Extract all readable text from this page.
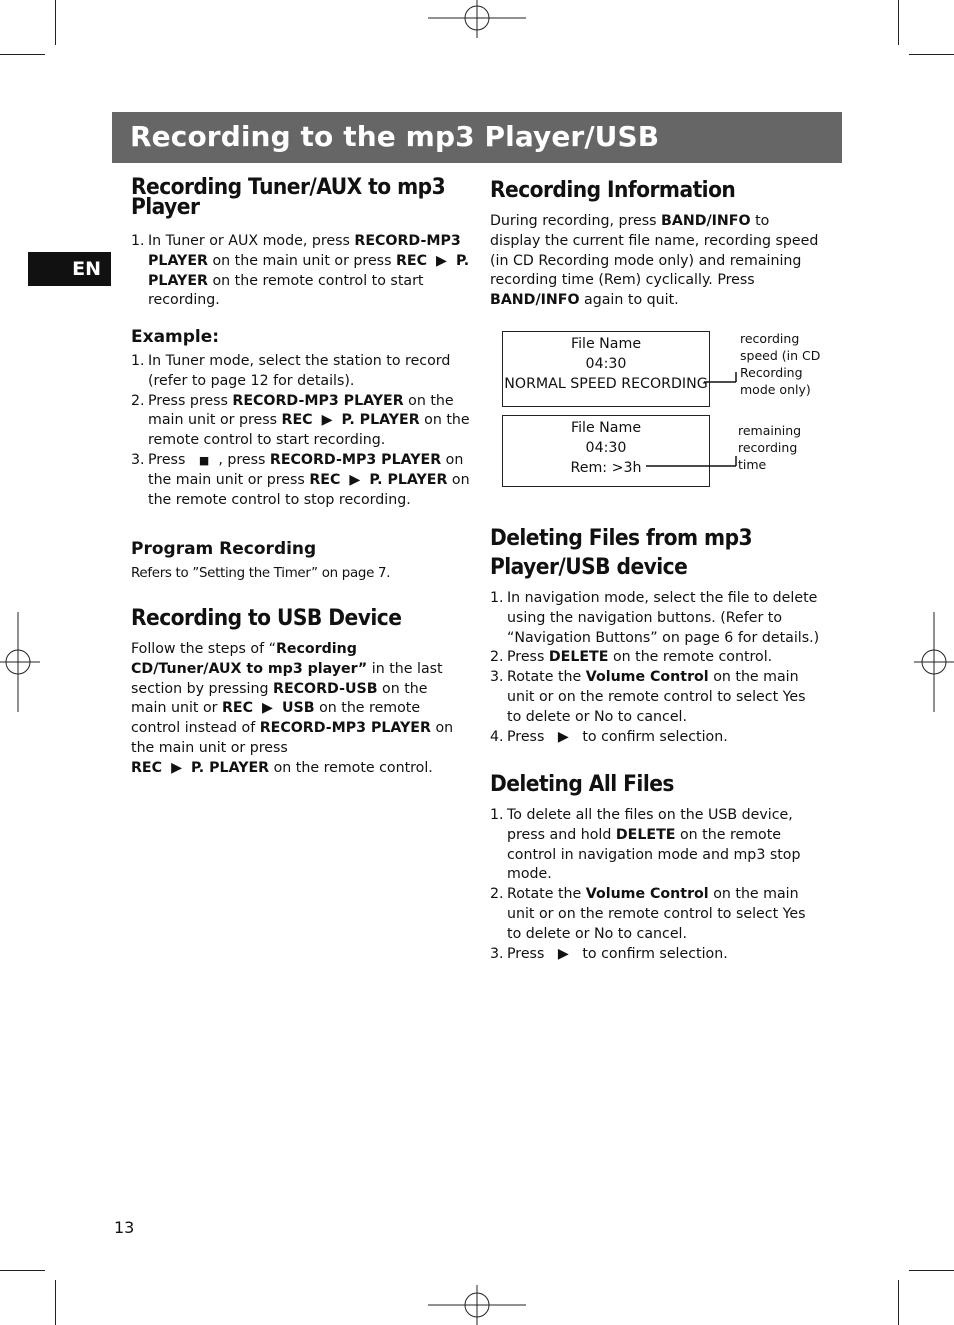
Recording to the mp3 Player/USB
EN
Recording Tuner/AUX to mp3
Player
1. In Tuner or AUX mode, press RECORD-MP3 PLAYER on the main unit or press REC ▶ P. PLAYER on the remote control to start recording.
Example:
1. In Tuner mode, select the station to record (refer to page 12 for details).
2. Press press RECORD-MP3 PLAYER on the main unit or press REC ▶ P. PLAYER on the remote control to start recording.
3. Press   ■ , press RECORD-MP3 PLAYER on the main unit or press REC ▶ P. PLAYER on the remote control to stop recording.
Program Recording
Refers to ”Setting the Timer” on page 7.
Recording to USB Device
Follow the steps of “Recording CD/Tuner/AUX to mp3 player” in the last section by pressing RECORD-USB on the main unit or REC ▶ USB on the remote control instead of RECORD-MP3 PLAYER on the main unit or press
REC ▶ P. PLAYER on the remote control.
Recording Information
During recording, press BAND/INFO to display the current file name, recording speed (in CD Recording mode only) and remaining recording time (Rem) cyclically. Press BAND/INFO again to quit.
File Name
04:30
NORMAL SPEED RECORDING
recording
speed (in CD
Recording
mode only)
File Name
04:30
Rem: >3h
remaining
recording
time
Deleting Files from mp3
Player/USB device
1. In navigation mode, select the file to delete using the navigation buttons. (Refer to “Navigation Buttons” on page 6 for details.)
2. Press DELETE on the remote control.
3. Rotate the Volume Control on the main unit or on the remote control to select Yes to delete or No to cancel.
4. Press   ▶   to confirm selection.
Deleting All Files
1. To delete all the files on the USB device, press and hold DELETE on the remote control in navigation mode and mp3 stop mode.
2. Rotate the Volume Control on the main unit or on the remote control to select Yes to delete or No to cancel.
3. Press   ▶   to confirm selection.
13
